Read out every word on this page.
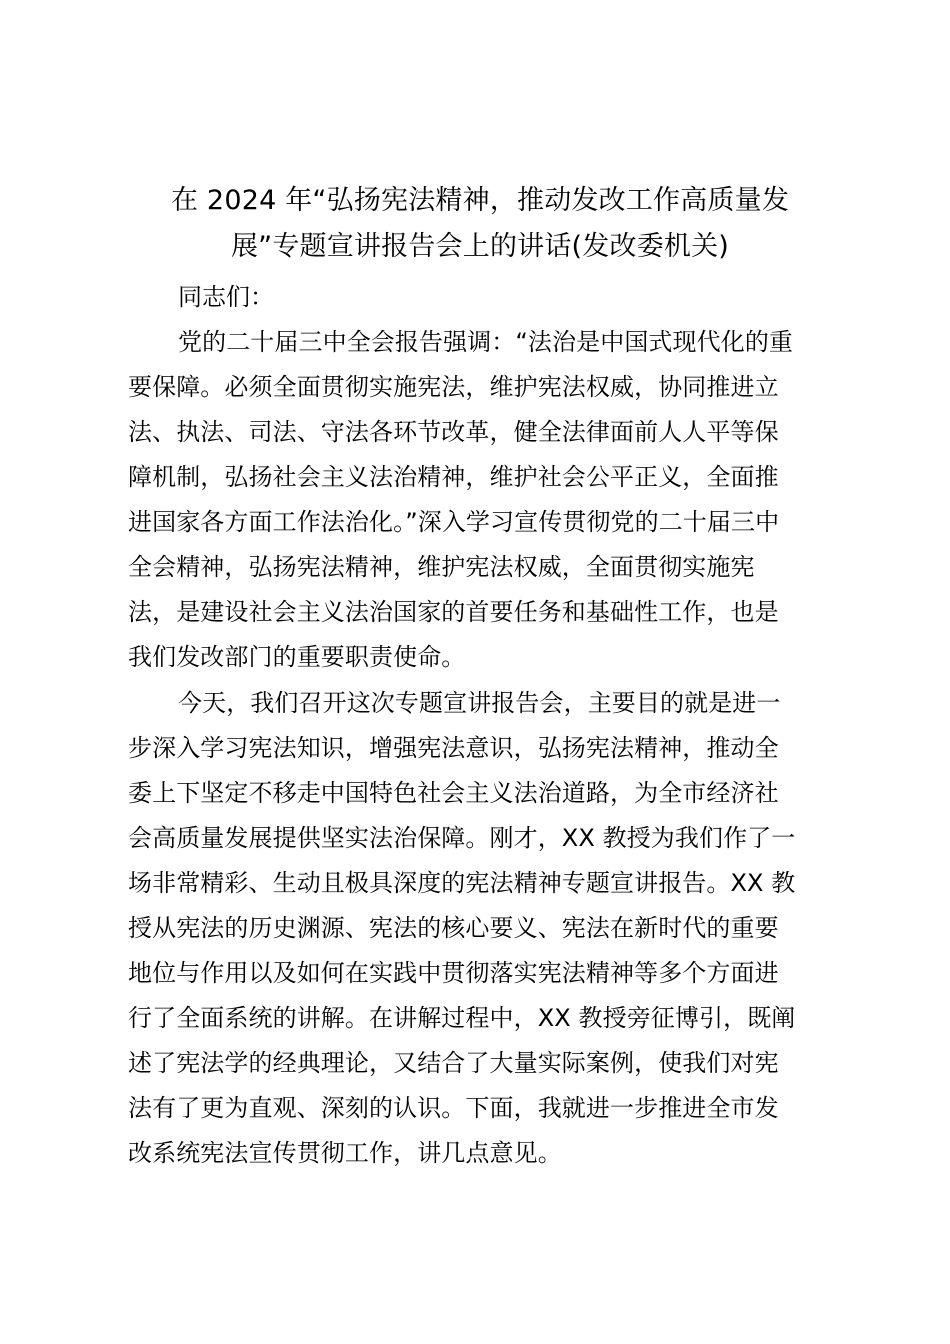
在 2024 年“弘扬宪法精神，推动发改工作高质量发
展”专题宣讲报告会上的讲话(发改委机关)

同志们：

党的二十届三中全会报告强调：“法治是中国式现代化的重
要保障。必须全面贯彻实施宪法，维护宪法权威，协同推进立
法、执法、司法、守法各环节改革，健全法律面前人人平等保
障机制，弘扬社会主义法治精神，维护社会公平正义，全面推
进国家各方面工作法治化。”深入学习宣传贯彻党的二十届三中
全会精神，弘扬宪法精神，维护宪法权威，全面贯彻实施宪
法，是建设社会主义法治国家的首要任务和基础性工作，也是
我们发改部门的重要职责使命。
今天，我们召开这次专题宣讲报告会，主要目的就是进一
步深入学习宪法知识，增强宪法意识，弘扬宪法精神，推动全
委上下坚定不移走中国特色社会主义法治道路，为全市经济社
会高质量发展提供坚实法治保障。刚才，XX 教授为我们作了一
场非常精彩、生动且极具深度的宪法精神专题宣讲报告。XX 教
授从宪法的历史渊源、宪法的核心要义、宪法在新时代的重要
地位与作用以及如何在实践中贯彻落实宪法精神等多个方面进
行了全面系统的讲解。在讲解过程中，XX 教授旁征博引，既阐
述了宪法学的经典理论，又结合了大量实际案例，使我们对宪
法有了更为直观、深刻的认识。下面，我就进一步推进全市发
改系统宪法宣传贯彻工作，讲几点意见。
